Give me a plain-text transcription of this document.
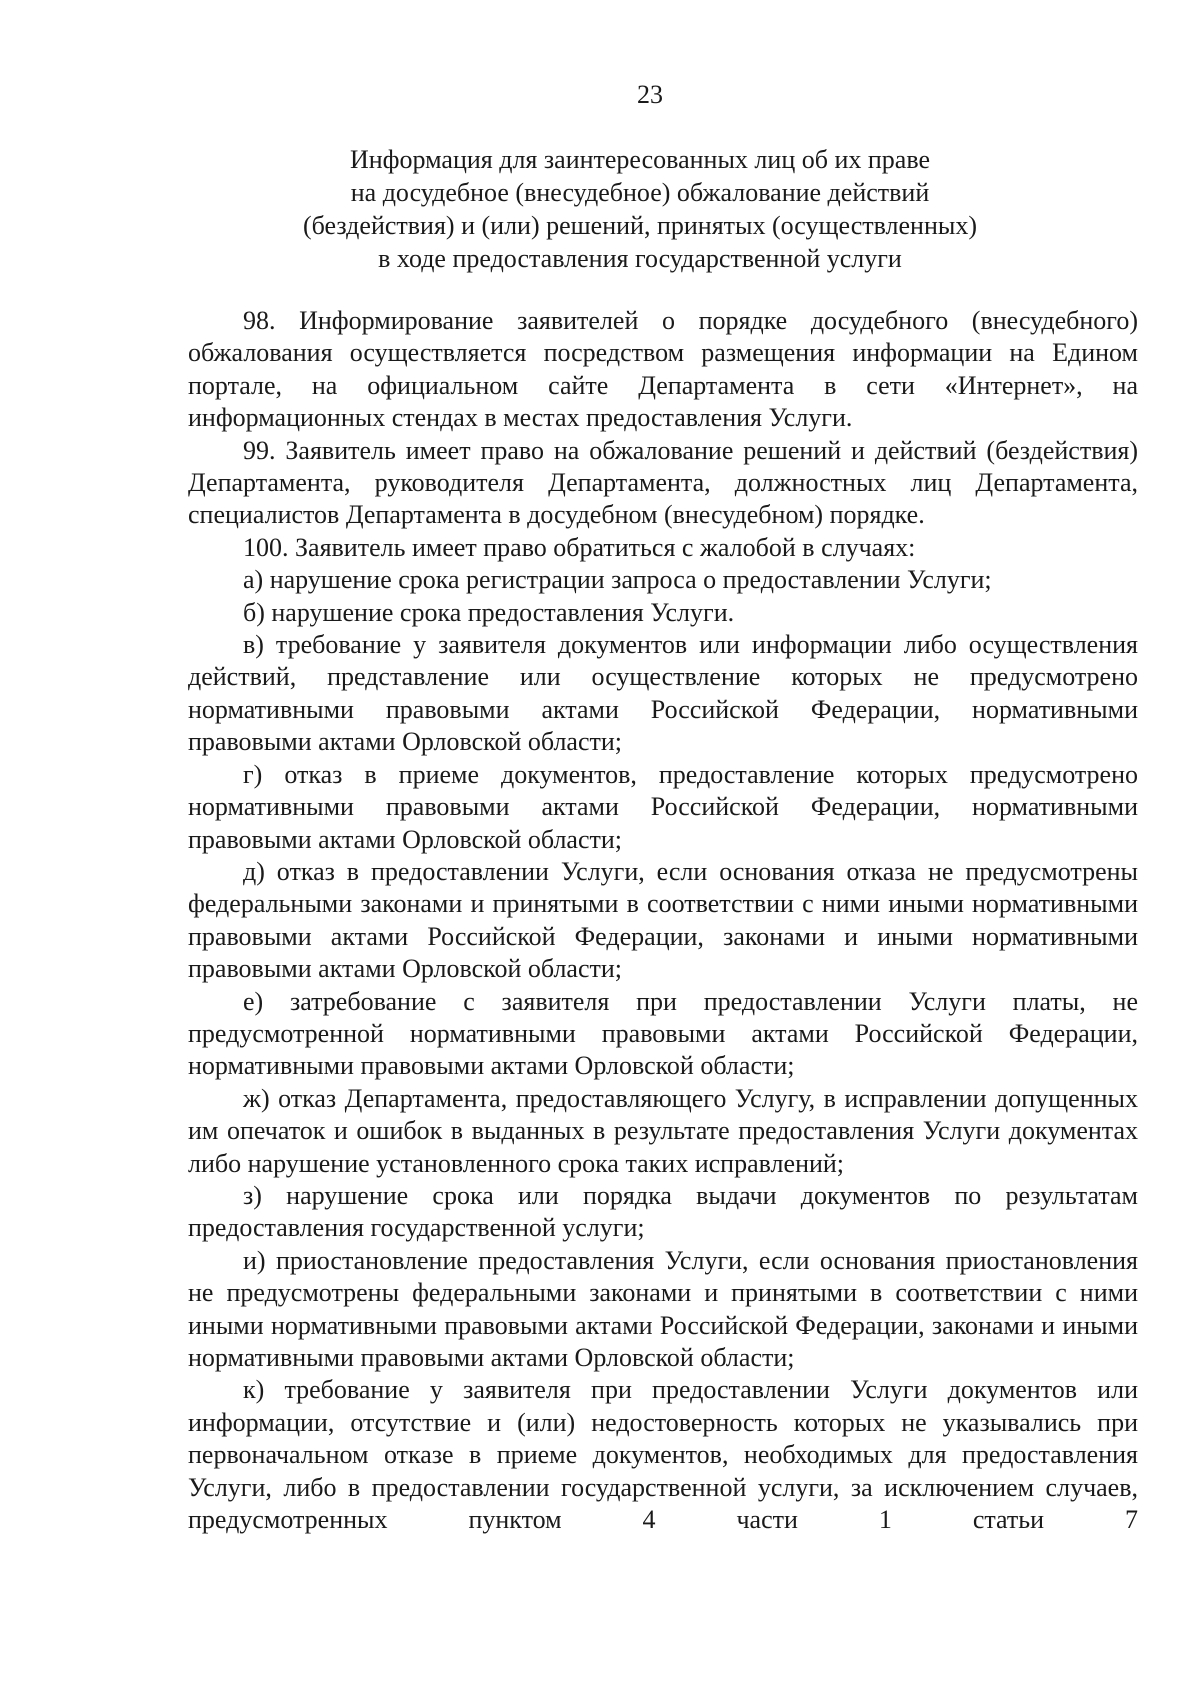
23
Информация для заинтересованных лиц об их праве
на досудебное (внесудебное) обжалование действий
(бездействия) и (или) решений, принятых (осуществленных)
в ходе предоставления государственной услуги

98. Информирование заявителей о порядке досудебного (внесудебного) обжалования осуществляется посредством размещения информации на Едином портале, на официальном сайте Департамента в сети «Интернет», на информационных стендах в местах предоставления Услуги.

99. Заявитель имеет право на обжалование решений и действий (бездействия) Департамента, руководителя Департамента, должностных лиц Департамента, специалистов Департамента в досудебном (внесудебном) порядке.

100. Заявитель имеет право обратиться с жалобой в случаях:

а) нарушение срока регистрации запроса о предоставлении Услуги;

б) нарушение срока предоставления Услуги.

в) требование у заявителя документов или информации либо осуществления действий, представление или осуществление которых не предусмотрено нормативными правовыми актами Российской Федерации, нормативными правовыми актами Орловской области;

г) отказ в приеме документов, предоставление которых предусмотрено нормативными правовыми актами Российской Федерации, нормативными правовыми актами Орловской области;

д) отказ в предоставлении Услуги, если основания отказа не предусмотрены федеральными законами и принятыми в соответствии с ними иными нормативными правовыми актами Российской Федерации, законами и иными нормативными правовыми актами Орловской области;

е) затребование с заявителя при предоставлении Услуги платы, не предусмотренной нормативными правовыми актами Российской Федерации, нормативными правовыми актами Орловской области;

ж) отказ Департамента, предоставляющего Услугу, в исправлении допущенных им опечаток и ошибок в выданных в результате предоставления Услуги документах либо нарушение установленного срока таких исправлений;

з) нарушение срока или порядка выдачи документов по результатам предоставления государственной услуги;

и) приостановление предоставления Услуги, если основания приостановления не предусмотрены федеральными законами и принятыми в соответствии с ними иными нормативными правовыми актами Российской Федерации, законами и иными нормативными правовыми актами Орловской области;

к) требование у заявителя при предоставлении Услуги документов или информации, отсутствие и (или) недостоверность которых не указывались при первоначальном отказе в приеме документов, необходимых для предоставления Услуги, либо в предоставлении государственной услуги, за исключением случаев, предусмотренных пунктом 4 части 1 статьи 7
